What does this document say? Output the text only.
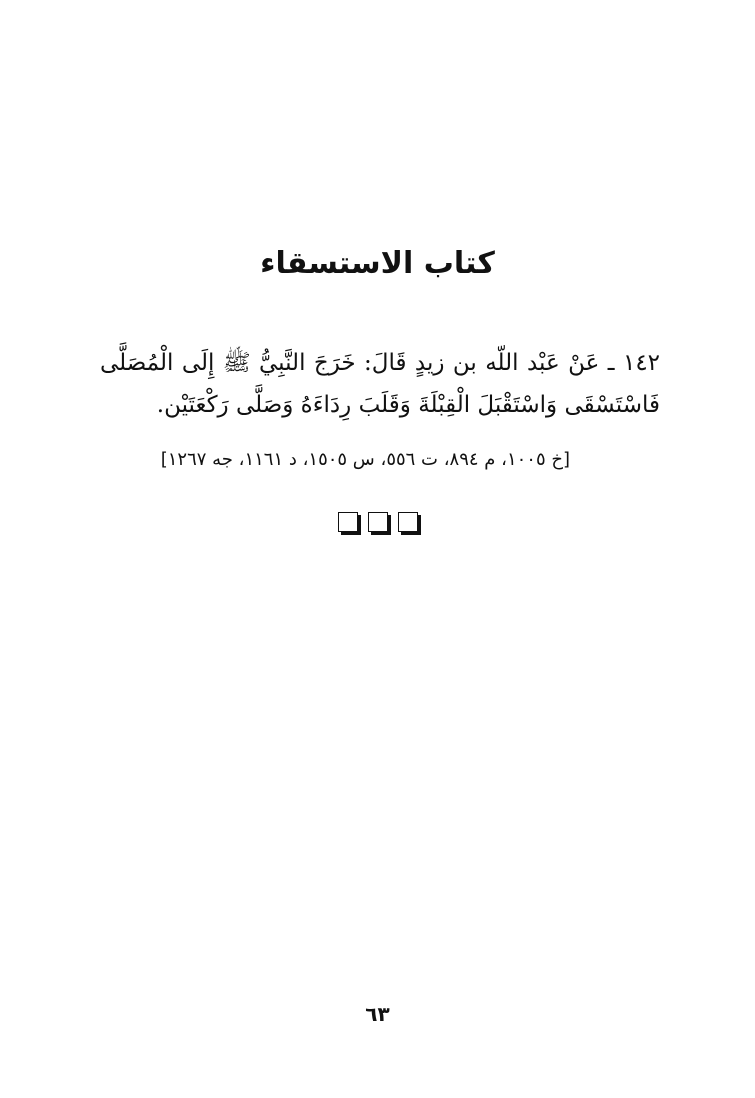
كتاب الاستسقاء
١٤٢ ـ عَنْ عَبْد اللّه بن زيدٍ قَالَ: خَرَجَ النَّبِيُّ ﷺ إِلَى الْمُصَلَّى فَاسْتَسْقَى وَاسْتَقْبَلَ الْقِبْلَةَ وَقَلَبَ رِدَاءَهُ وَصَلَّى رَكْعَتَيْن.
[خ ١٠٠٥، م ٨٩٤، ت ٥٥٦، س ١٥٠٥، د ١١٦١، جه ١٢٦٧]
٦٣
